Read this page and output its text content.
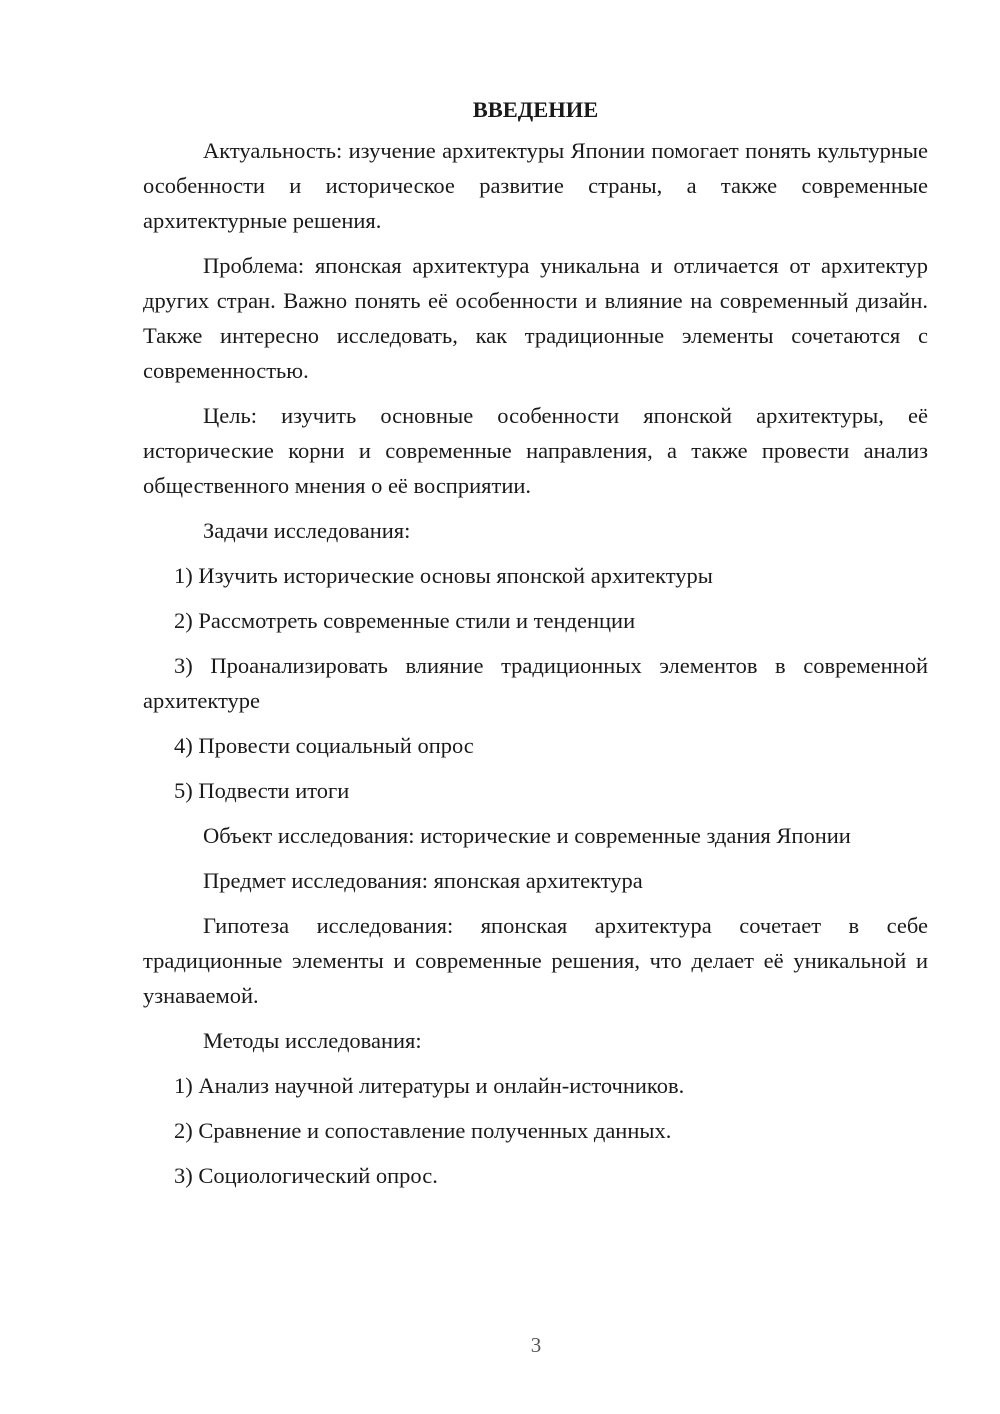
ВВЕДЕНИЕ

Актуальность: изучение архитектуры Японии помогает понять культурные особенности и историческое развитие страны, а также современные архитектурные решения.

Проблема: японская архитектура уникальна и отличается от архитектур других стран. Важно понять её особенности и влияние на современный дизайн. Также интересно исследовать, как традиционные элементы сочетаются с современностью.

Цель: изучить основные особенности японской архитектуры, её исторические корни и современные направления, а также провести анализ общественного мнения о её восприятии.

Задачи исследования:

1) Изучить исторические основы японской архитектуры

2) Рассмотреть современные стили и тенденции

3) Проанализировать влияние традиционных элементов в современной архитектуре

4) Провести социальный опрос

5) Подвести итоги

Объект исследования: исторические и современные здания Японии

Предмет исследования: японская архитектура

Гипотеза исследования: японская архитектура сочетает в себе традиционные элементы и современные решения, что делает её уникальной и узнаваемой.

Методы исследования:

1) Анализ научной литературы и онлайн-источников.

2) Сравнение и сопоставление полученных данных.

3) Социологический опрос.

3
